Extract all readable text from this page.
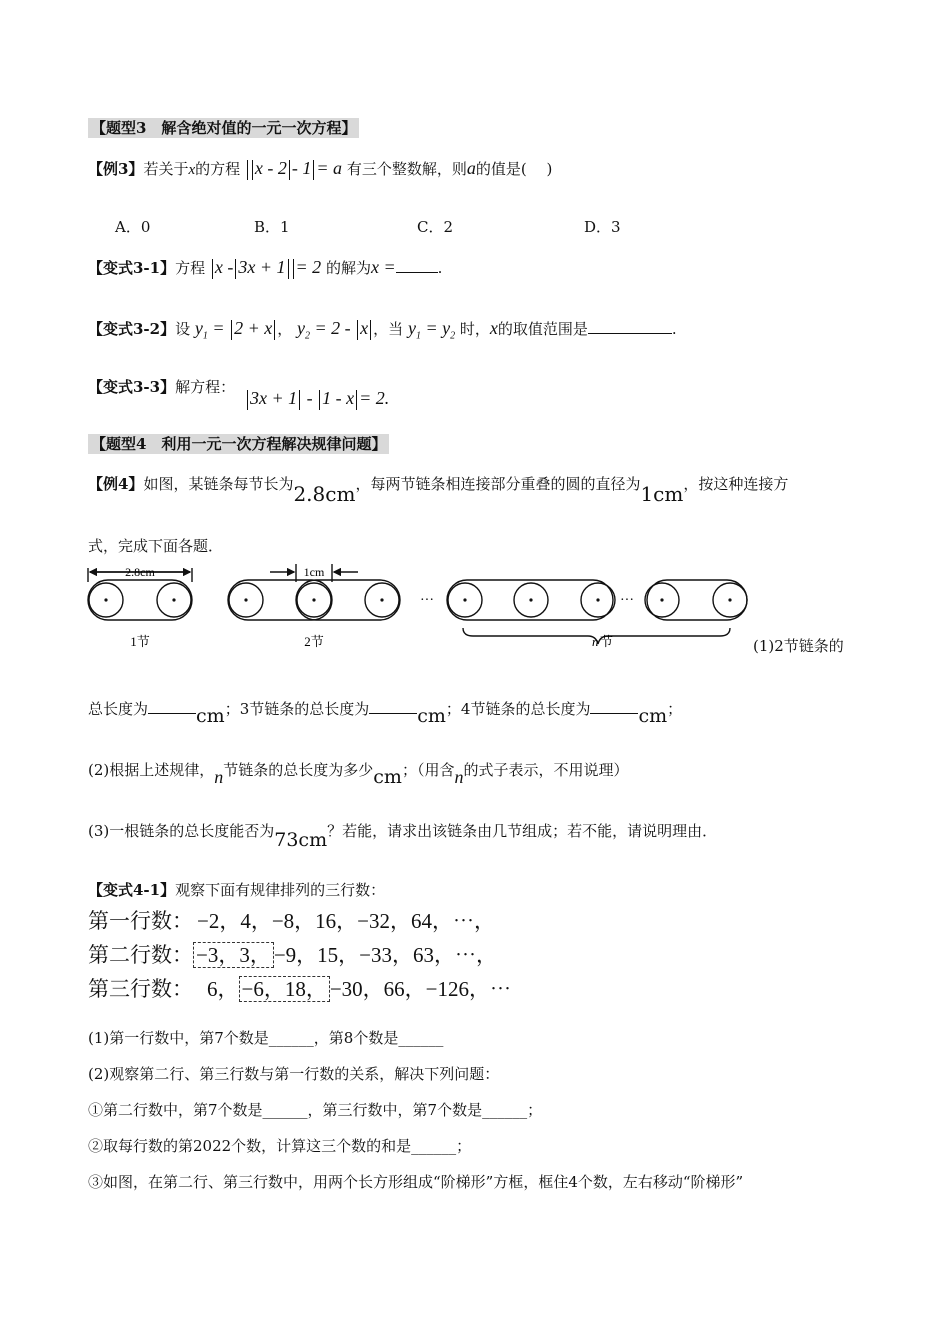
【题型3　解含绝对值的一元一次方程】
【例3】若关于x的方程 x - 2 - 1 = a 有三个整数解，则a的值是(　 )
A．0	B．1	C．2	D．3
【变式3-1】方程 x - 3x + 1 = 2 的解为x =	.
【变式3-2】设 $y_1 = 2 + x$ ， $y_2 = 2 - x$ ，当 $y_1 = y_2$ 时，x的取值范围是	.
【变式3-3】解方程：
3x + 1 - 1 - x = 2.
【题型4　利用一元一次方程解决规律问题】
【例4】如图，某链条每节长为2.8cm，每两节链条相连接部分重叠的圆的直径为1cm，按这种连接方
式，完成下面各题．
2.8cm	1cm
···	···
1节	2节	n 节	(1)2节链条的
总长度为	cm；3节链条的总长度为	cm；4节链条的总长度为	cm；
(2)根据上述规律，n节链条的总长度为多少cm；（用含n的式子表示，不用说理）
(3)一根链条的总长度能否为73cm？若能，请求出该链条由几节组成；若不能，请说明理由．
【变式4-1】观察下面有规律排列的三行数：
第一行数： −2，4，−8，16，−32，64，⋯，
第二行数： −3，3， −9，15，−33，63，⋯，
第三行数： 6， −6，18， −30，66，−126，⋯
(1)第一行数中，第7个数是______，第8个数是______
(2)观察第二行、第三行数与第一行数的关系，解决下列问题：
①第二行数中，第7个数是______，第三行数中，第7个数是______；
②取每行数的第2022个数，计算这三个数的和是______；
③如图，在第二行、第三行数中，用两个长方形组成“阶梯形”方框，框住4个数，左右移动“阶梯形”
